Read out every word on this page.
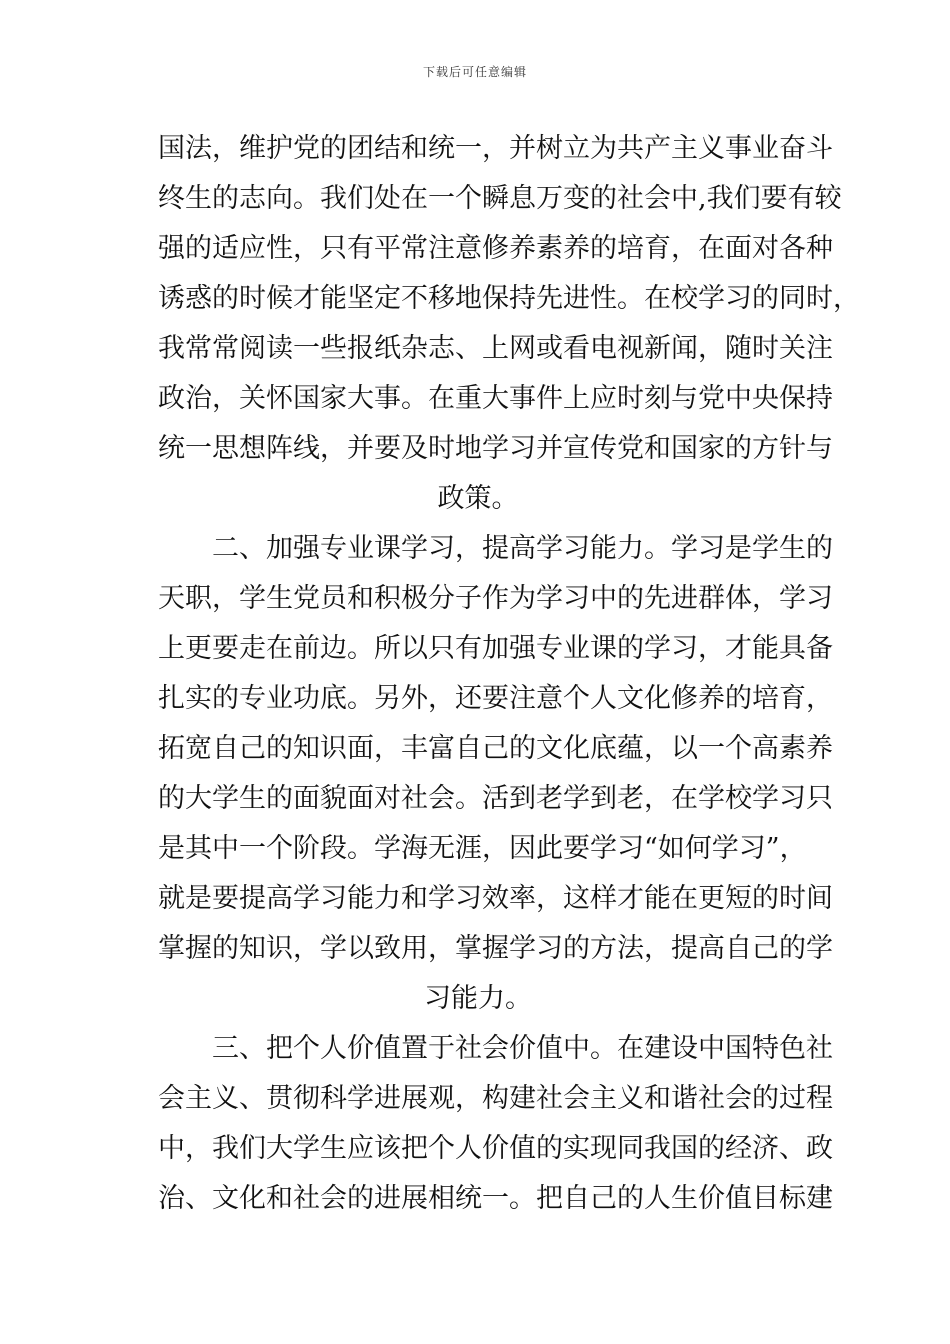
下载后可任意编辑
国法，维护党的团结和统一，并树立为共产主义事业奋斗
终生的志向。我们处在一个瞬息万变的社会中,我们要有较
强的适应性，只有平常注意修养素养的培育，在面对各种
诱惑的时候才能坚定不移地保持先进性。在校学习的同时，
我常常阅读一些报纸杂志、上网或看电视新闻，随时关注
政治，关怀国家大事。在重大事件上应时刻与党中央保持
统一思想阵线，并要及时地学习并宣传党和国家的方针与
政策。
　　二、加强专业课学习，提高学习能力。学习是学生的
天职，学生党员和积极分子作为学习中的先进群体，学习
上更要走在前边。所以只有加强专业课的学习，才能具备
扎实的专业功底。另外，还要注意个人文化修养的培育，
拓宽自己的知识面，丰富自己的文化底蕴，以一个高素养
的大学生的面貌面对社会。活到老学到老，在学校学习只
是其中一个阶段。学海无涯，因此要学习“如何学习”，
就是要提高学习能力和学习效率，这样才能在更短的时间
掌握的知识，学以致用，掌握学习的方法，提高自己的学
习能力。
　　三、把个人价值置于社会价值中。在建设中国特色社
会主义、贯彻科学进展观，构建社会主义和谐社会的过程
中，我们大学生应该把个人价值的实现同我国的经济、政
治、文化和社会的进展相统一。把自己的人生价值目标建
